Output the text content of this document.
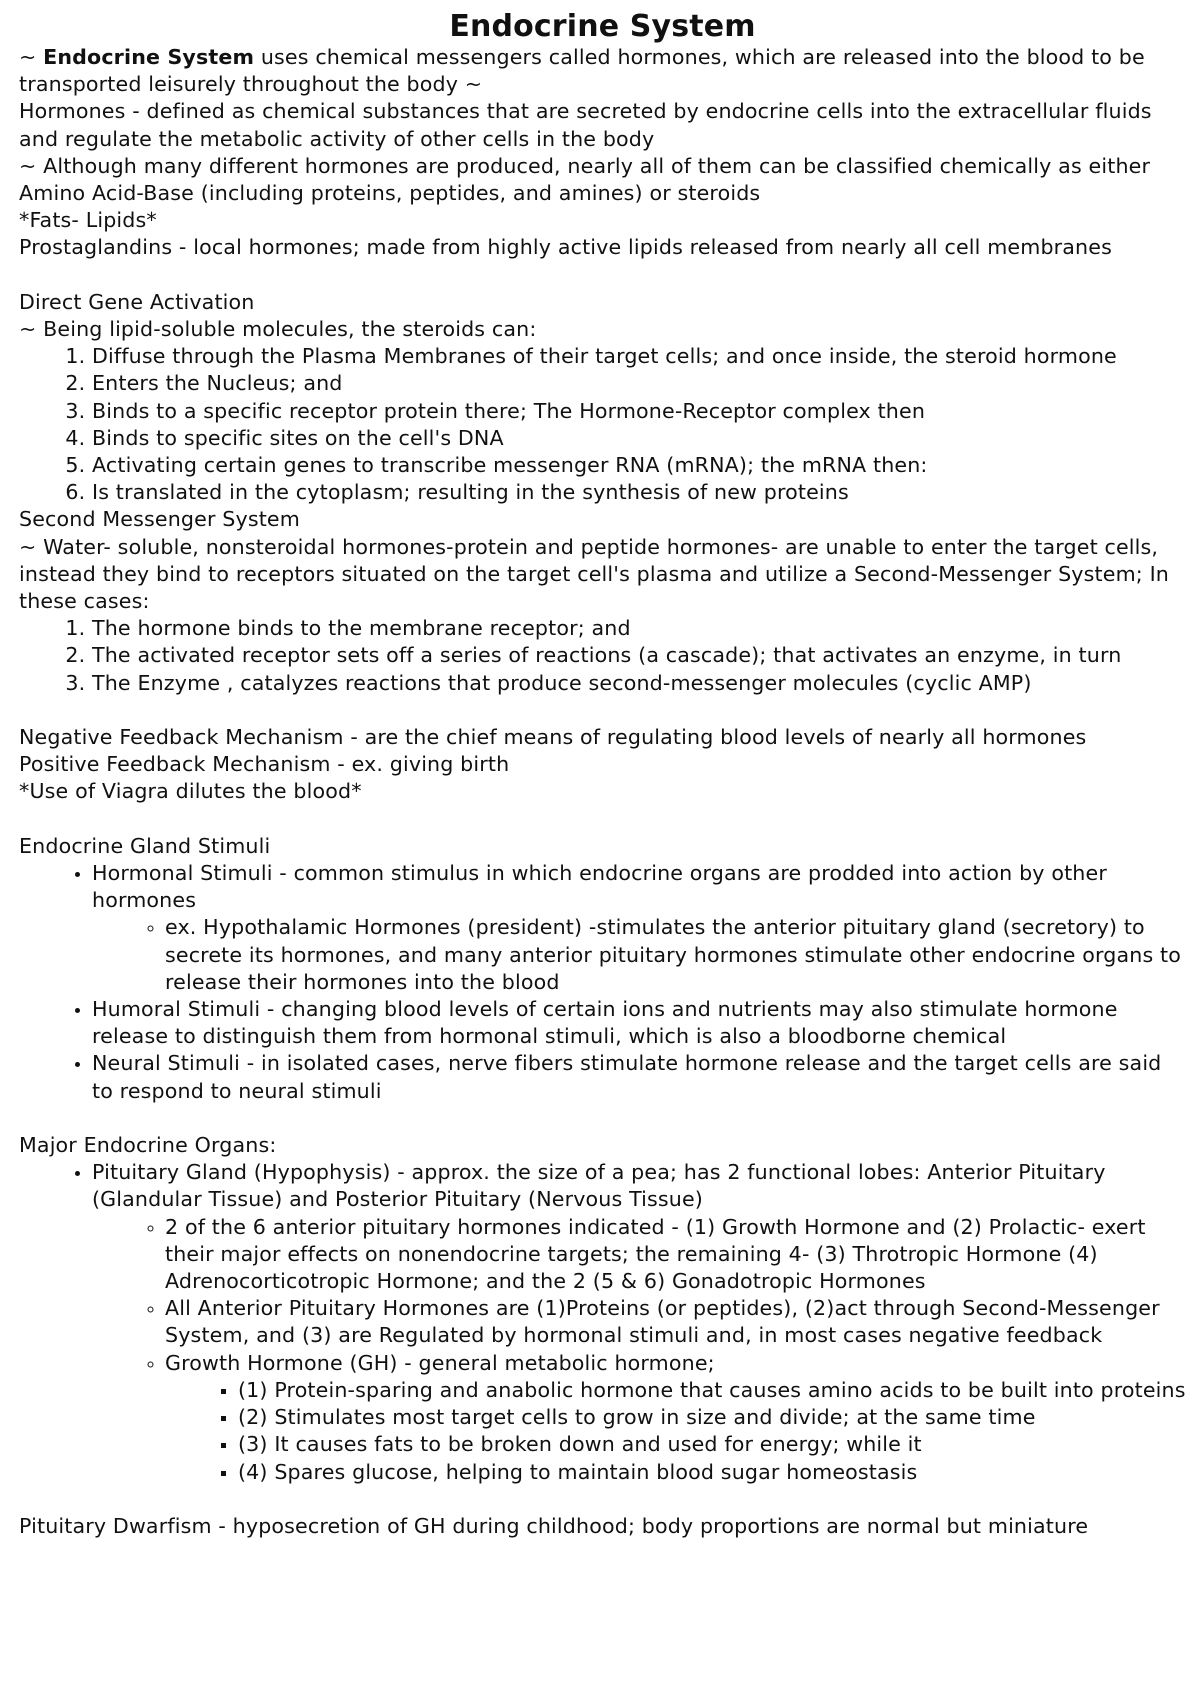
Endocrine System

~ Endocrine System uses chemical messengers called hormones, which are released into the blood to be transported leisurely throughout the body ~

Hormones - defined as chemical substances that are secreted by endocrine cells into the extracellular fluids and regulate the metabolic activity of other cells in the body

~ Although many different hormones are produced, nearly all of them can be classified chemically as either Amino Acid-Base (including proteins, peptides, and amines) or steroids

*Fats- Lipids*

Prostaglandins - local hormones; made from highly active lipids released from nearly all cell membranes

Direct Gene Activation

~ Being lipid-soluble molecules, the steroids can:

1. Diffuse through the Plasma Membranes of their target cells; and once inside, the steroid hormone
2. Enters the Nucleus; and
3. Binds to a specific receptor protein there; The Hormone-Receptor complex then
4. Binds to specific sites on the cell's DNA
5. Activating certain genes to transcribe messenger RNA (mRNA); the mRNA then:
6. Is translated in the cytoplasm; resulting in the synthesis of new proteins

Second Messenger System

~ Water- soluble, nonsteroidal hormones-protein and peptide hormones- are unable to enter the target cells, instead they bind to receptors situated on the target cell's plasma and utilize a Second-Messenger System; In these cases:

1. The hormone binds to the membrane receptor; and
2. The activated receptor sets off a series of reactions (a cascade); that activates an enzyme, in turn
3. The Enzyme , catalyzes reactions that produce second-messenger molecules (cyclic AMP)

Negative Feedback Mechanism - are the chief means of regulating blood levels of nearly all hormones

Positive Feedback Mechanism - ex. giving birth

*Use of Viagra dilutes the blood*

Endocrine Gland Stimuli

• Hormonal Stimuli - common stimulus in which endocrine organs are prodded into action by other hormones
◦ ex. Hypothalamic Hormones (president) -stimulates the anterior pituitary gland (secretory) to secrete its hormones, and many anterior pituitary hormones stimulate other endocrine organs to release their hormones into the blood
• Humoral Stimuli - changing blood levels of certain ions and nutrients may also stimulate hormone release to distinguish them from hormonal stimuli, which is also a bloodborne chemical
• Neural Stimuli - in isolated cases, nerve fibers stimulate hormone release and the target cells are said to respond to neural stimuli

Major Endocrine Organs:

• Pituitary Gland (Hypophysis) - approx. the size of a pea; has 2 functional lobes: Anterior Pituitary (Glandular Tissue) and Posterior Pituitary (Nervous Tissue)
◦ 2 of the 6 anterior pituitary hormones indicated - (1) Growth Hormone and (2) Prolactic- exert their major effects on nonendocrine targets; the remaining 4- (3) Throtropic Hormone (4) Adrenocorticotropic Hormone; and the 2 (5 & 6) Gonadotropic Hormones
◦ All Anterior Pituitary Hormones are (1)Proteins (or peptides), (2)act through Second-Messenger System, and (3) are Regulated by hormonal stimuli and, in most cases negative feedback
◦ Growth Hormone (GH) - general metabolic hormone;
▪ (1) Protein-sparing and anabolic hormone that causes amino acids to be built into proteins
▪ (2) Stimulates most target cells to grow in size and divide; at the same time
▪ (3) It causes fats to be broken down and used for energy; while it
▪ (4) Spares glucose, helping to maintain blood sugar homeostasis

Pituitary Dwarfism - hyposecretion of GH during childhood; body proportions are normal but miniature
